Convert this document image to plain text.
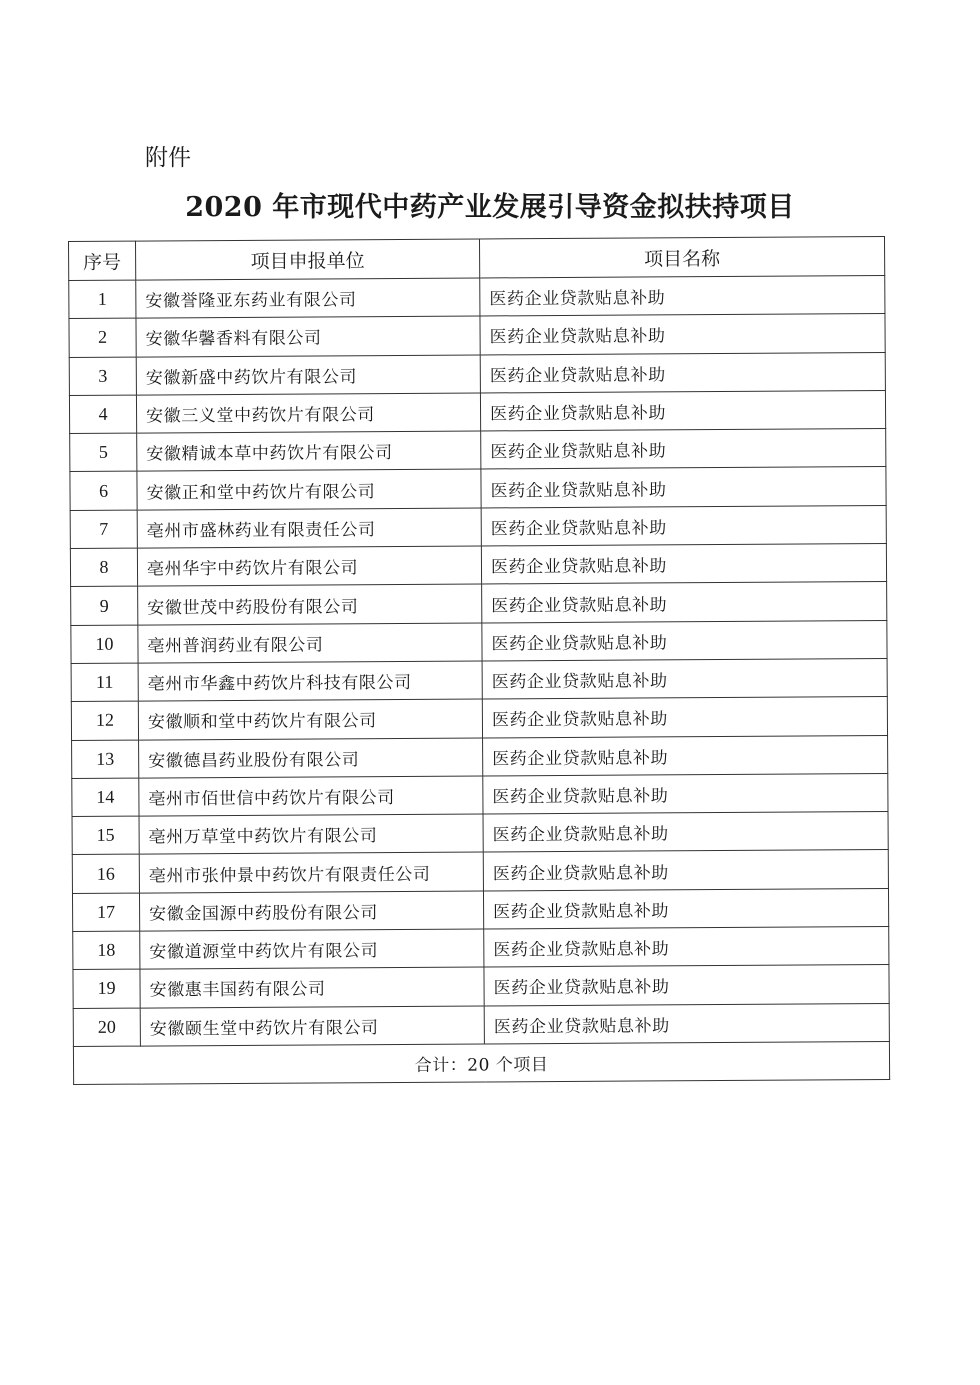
附件
2020 年市现代中药产业发展引导资金拟扶持项目
序号	项目申报单位	项目名称
1	安徽誉隆亚东药业有限公司	医药企业贷款贴息补助
2	安徽华馨香料有限公司	医药企业贷款贴息补助
3	安徽新盛中药饮片有限公司	医药企业贷款贴息补助
4	安徽三义堂中药饮片有限公司	医药企业贷款贴息补助
5	安徽精诚本草中药饮片有限公司	医药企业贷款贴息补助
6	安徽正和堂中药饮片有限公司	医药企业贷款贴息补助
7	亳州市盛林药业有限责任公司	医药企业贷款贴息补助
8	亳州华宇中药饮片有限公司	医药企业贷款贴息补助
9	安徽世茂中药股份有限公司	医药企业贷款贴息补助
10	亳州普润药业有限公司	医药企业贷款贴息补助
11	亳州市华鑫中药饮片科技有限公司	医药企业贷款贴息补助
12	安徽顺和堂中药饮片有限公司	医药企业贷款贴息补助
13	安徽德昌药业股份有限公司	医药企业贷款贴息补助
14	亳州市佰世信中药饮片有限公司	医药企业贷款贴息补助
15	亳州万草堂中药饮片有限公司	医药企业贷款贴息补助
16	亳州市张仲景中药饮片有限责任公司	医药企业贷款贴息补助
17	安徽金国源中药股份有限公司	医药企业贷款贴息补助
18	安徽道源堂中药饮片有限公司	医药企业贷款贴息补助
19	安徽惠丰国药有限公司	医药企业贷款贴息补助
20	安徽颐生堂中药饮片有限公司	医药企业贷款贴息补助
合计：20 个项目		
